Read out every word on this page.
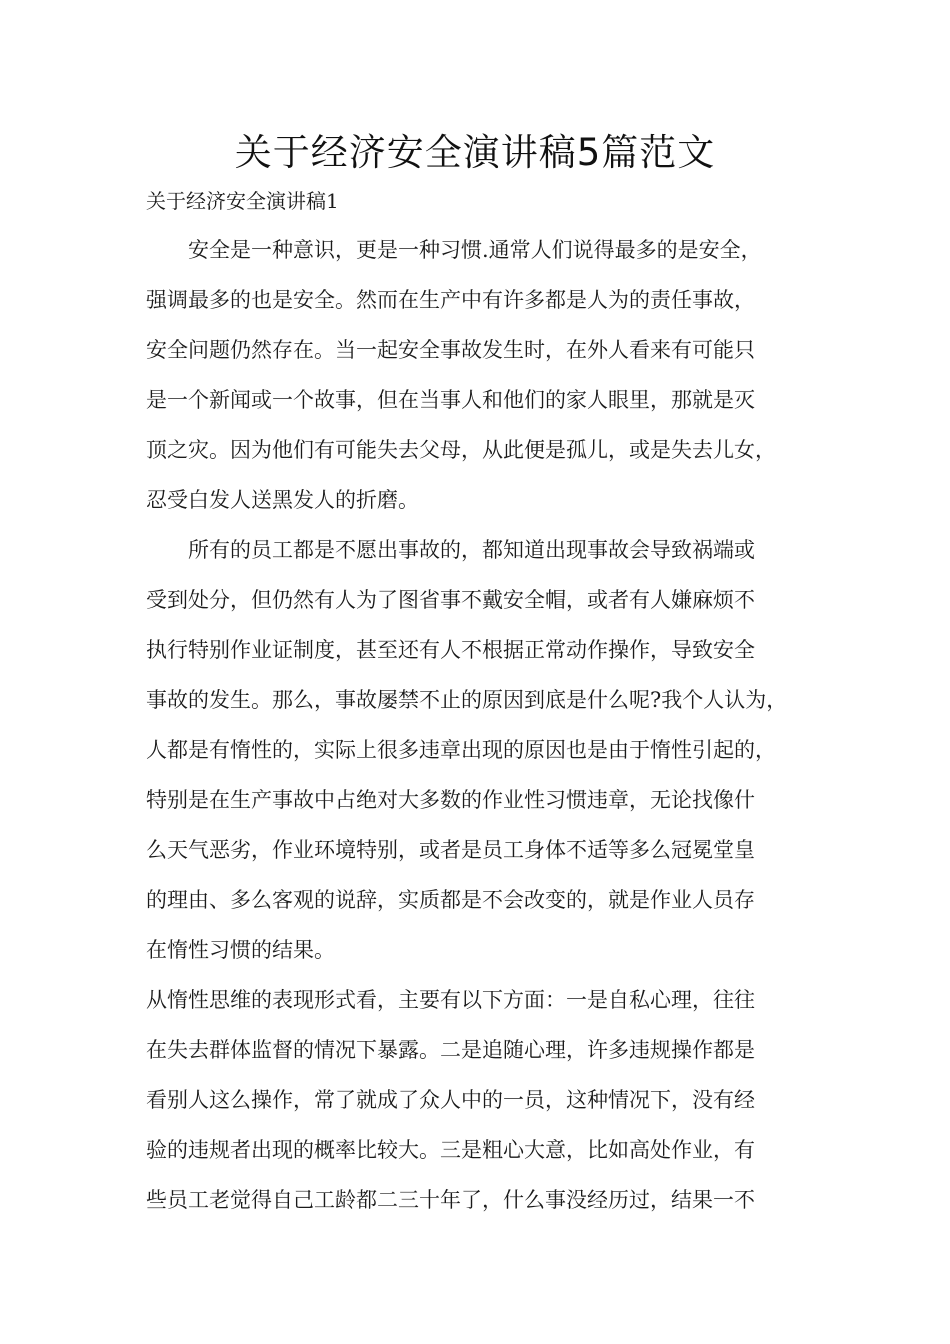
关于经济安全演讲稿5篇范文
关于经济安全演讲稿1

　　安全是一种意识，更是一种习惯.通常人们说得最多的是安全，

强调最多的也是安全。然而在生产中有许多都是人为的责任事故，

安全问题仍然存在。当一起安全事故发生时，在外人看来有可能只

是一个新闻或一个故事，但在当事人和他们的家人眼里，那就是灭

顶之灾。因为他们有可能失去父母，从此便是孤儿，或是失去儿女，

忍受白发人送黑发人的折磨。

　　所有的员工都是不愿出事故的，都知道出现事故会导致祸端或

受到处分，但仍然有人为了图省事不戴安全帽，或者有人嫌麻烦不

执行特别作业证制度，甚至还有人不根据正常动作操作，导致安全

事故的发生。那么，事故屡禁不止的原因到底是什么呢?我个人认为，

人都是有惰性的，实际上很多违章出现的原因也是由于惰性引起的，

特别是在生产事故中占绝对大多数的作业性习惯违章，无论找像什

么天气恶劣，作业环境特别，或者是员工身体不适等多么冠冕堂皇

的理由、多么客观的说辞，实质都是不会改变的，就是作业人员存

在惰性习惯的结果。

从惰性思维的表现形式看，主要有以下方面：一是自私心理，往往

在失去群体监督的情况下暴露。二是追随心理，许多违规操作都是

看别人这么操作，常了就成了众人中的一员，这种情况下，没有经

验的违规者出现的概率比较大。三是粗心大意，比如高处作业，有

些员工老觉得自己工龄都二三十年了，什么事没经历过，结果一不
